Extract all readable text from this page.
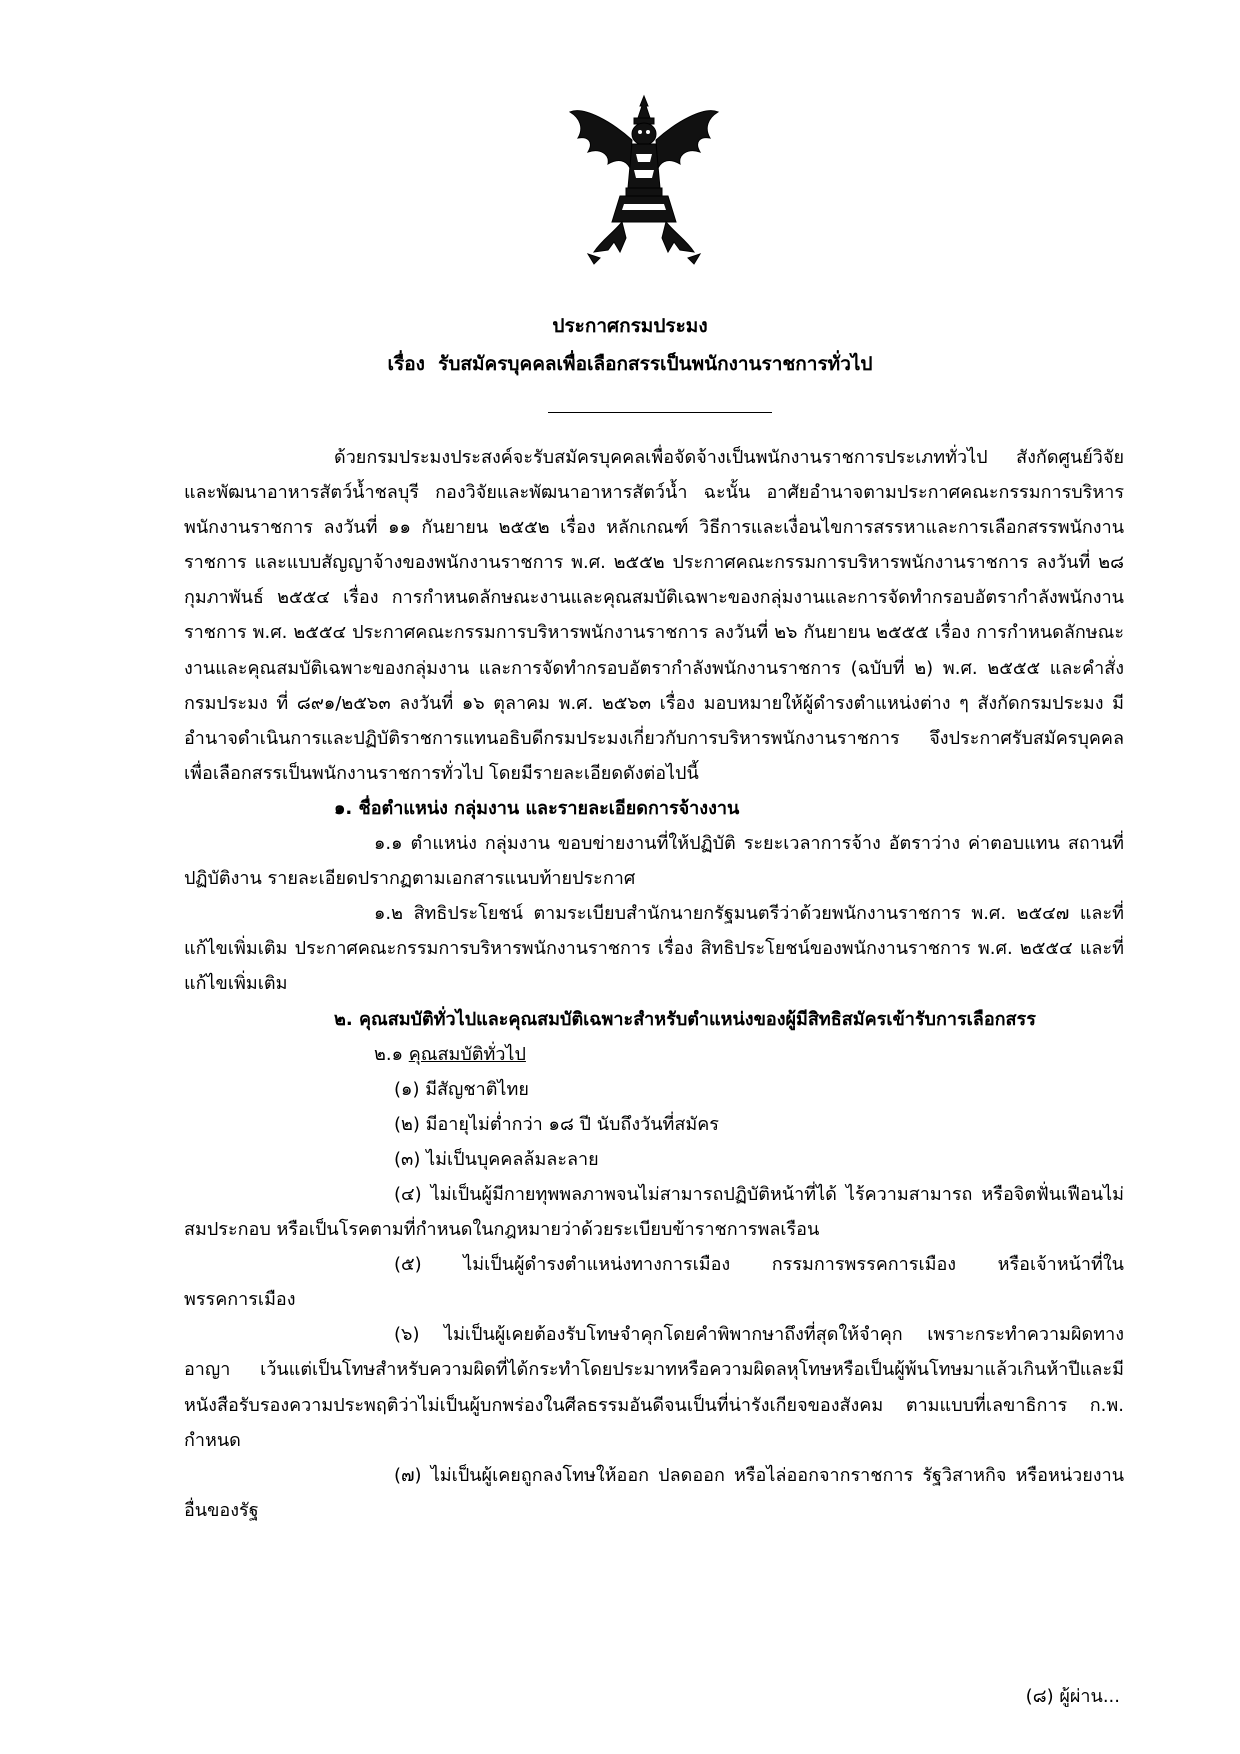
ประกาศกรมประมง
เรื่อง รับสมัครบุคคลเพื่อเลือกสรรเป็นพนักงานราชการทั่วไป

ด้วยกรมประมงประสงค์จะรับสมัครบุคคลเพื่อจัดจ้างเป็นพนักงานราชการประเภททั่วไป สังกัดศูนย์วิจัยและพัฒนาอาหารสัตว์น้ำชลบุรี กองวิจัยและพัฒนาอาหารสัตว์น้ำ ฉะนั้น อาศัยอำนาจตามประกาศคณะกรรมการบริหารพนักงานราชการ ลงวันที่ ๑๑ กันยายน ๒๕๕๒ เรื่อง หลักเกณฑ์ วิธีการและเงื่อนไขการสรรหาและการเลือกสรรพนักงานราชการ และแบบสัญญาจ้างของพนักงานราชการ พ.ศ. ๒๕๕๒ ประกาศคณะกรรมการบริหารพนักงานราชการ ลงวันที่ ๒๘ กุมภาพันธ์ ๒๕๕๔ เรื่อง การกำหนดลักษณะงานและคุณสมบัติเฉพาะของกลุ่มงานและการจัดทำกรอบอัตรากำลังพนักงานราชการ พ.ศ. ๒๕๕๔ ประกาศคณะกรรมการบริหารพนักงานราชการ ลงวันที่ ๒๖ กันยายน ๒๕๕๕ เรื่อง การกำหนดลักษณะงานและคุณสมบัติเฉพาะของกลุ่มงาน และการจัดทำกรอบอัตรากำลังพนักงานราชการ (ฉบับที่ ๒) พ.ศ. ๒๕๕๕ และคำสั่งกรมประมง ที่ ๘๙๑/๒๕๖๓ ลงวันที่ ๑๖ ตุลาคม พ.ศ. ๒๕๖๓ เรื่อง มอบหมายให้ผู้ดำรงตำแหน่งต่าง ๆ สังกัดกรมประมง มีอำนาจดำเนินการและปฏิบัติราชการแทนอธิบดีกรมประมงเกี่ยวกับการบริหารพนักงานราชการ จึงประกาศรับสมัครบุคคลเพื่อเลือกสรรเป็นพนักงานราชการทั่วไป โดยมีรายละเอียดดังต่อไปนี้

๑. ชื่อตำแหน่ง กลุ่มงาน และรายละเอียดการจ้างงาน

๑.๑ ตำแหน่ง กลุ่มงาน ขอบข่ายงานที่ให้ปฏิบัติ ระยะเวลาการจ้าง อัตราว่าง ค่าตอบแทน สถานที่ปฏิบัติงาน รายละเอียดปรากฏตามเอกสารแนบท้ายประกาศ

๑.๒ สิทธิประโยชน์ ตามระเบียบสำนักนายกรัฐมนตรีว่าด้วยพนักงานราชการ พ.ศ. ๒๕๔๗ และที่แก้ไขเพิ่มเติม ประกาศคณะกรรมการบริหารพนักงานราชการ เรื่อง สิทธิประโยชน์ของพนักงานราชการ พ.ศ. ๒๕๕๔ และที่แก้ไขเพิ่มเติม

๒. คุณสมบัติทั่วไปและคุณสมบัติเฉพาะสำหรับตำแหน่งของผู้มีสิทธิสมัครเข้ารับการเลือกสรร

๒.๑ คุณสมบัติทั่วไป

(๑) มีสัญชาติไทย

(๒) มีอายุไม่ต่ำกว่า ๑๘ ปี นับถึงวันที่สมัคร

(๓) ไม่เป็นบุคคลล้มละลาย

(๔) ไม่เป็นผู้มีกายทุพพลภาพจนไม่สามารถปฏิบัติหน้าที่ได้ ไร้ความสามารถ หรือจิตฟั่นเฟือนไม่สมประกอบ หรือเป็นโรคตามที่กำหนดในกฎหมายว่าด้วยระเบียบข้าราชการพลเรือน

(๕) ไม่เป็นผู้ดำรงตำแหน่งทางการเมือง กรรมการพรรคการเมือง หรือเจ้าหน้าที่ในพรรคการเมือง

(๖) ไม่เป็นผู้เคยต้องรับโทษจำคุกโดยคำพิพากษาถึงที่สุดให้จำคุก เพราะกระทำความผิดทางอาญา เว้นแต่เป็นโทษสำหรับความผิดที่ได้กระทำโดยประมาทหรือความผิดลหุโทษหรือเป็นผู้พ้นโทษมาแล้วเกินห้าปีและมีหนังสือรับรองความประพฤติว่าไม่เป็นผู้บกพร่องในศีลธรรมอันดีจนเป็นที่น่ารังเกียจของสังคม ตามแบบที่เลขาธิการ ก.พ. กำหนด

(๗) ไม่เป็นผู้เคยถูกลงโทษให้ออก ปลดออก หรือไล่ออกจากราชการ รัฐวิสาหกิจ หรือหน่วยงานอื่นของรัฐ

(๘) ผู้ผ่าน...
